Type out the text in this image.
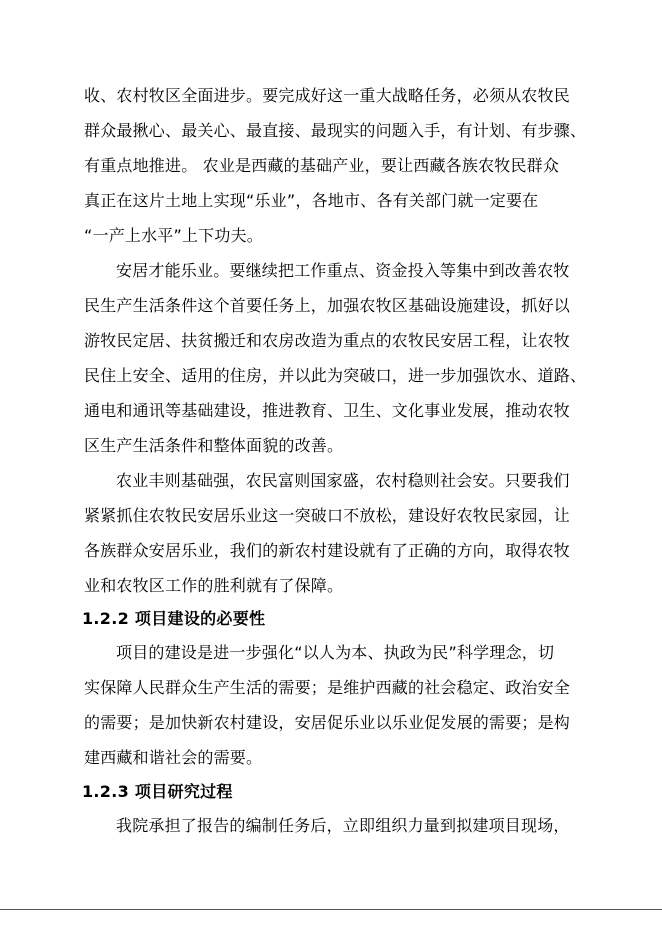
收、农村牧区全面进步。要完成好这一重大战略任务，必须从农牧民
群众最揪心、最关心、最直接、最现实的问题入手，有计划、有步骤、
有重点地推进。 农业是西藏的基础产业，要让西藏各族农牧民群众
真正在这片土地上实现“乐业”，各地市、各有关部门就一定要在
“一产上水平”上下功夫。
安居才能乐业。要继续把工作重点、资金投入等集中到改善农牧
民生产生活条件这个首要任务上，加强农牧区基础设施建设，抓好以
游牧民定居、扶贫搬迁和农房改造为重点的农牧民安居工程，让农牧
民住上安全、适用的住房，并以此为突破口，进一步加强饮水、道路、
通电和通讯等基础建设，推进教育、卫生、文化事业发展，推动农牧
区生产生活条件和整体面貌的改善。
农业丰则基础强，农民富则国家盛，农村稳则社会安。只要我们
紧紧抓住农牧民安居乐业这一突破口不放松，建设好农牧民家园，让
各族群众安居乐业，我们的新农村建设就有了正确的方向，取得农牧
业和农牧区工作的胜利就有了保障。
1.2.2 项目建设的必要性
项目的建设是进一步强化“以人为本、执政为民”科学理念，切
实保障人民群众生产生活的需要；是维护西藏的社会稳定、政治安全
的需要；是加快新农村建设，安居促乐业以乐业促发展的需要；是构
建西藏和谐社会的需要。
1.2.3 项目研究过程
我院承担了报告的编制任务后，立即组织力量到拟建项目现场，
